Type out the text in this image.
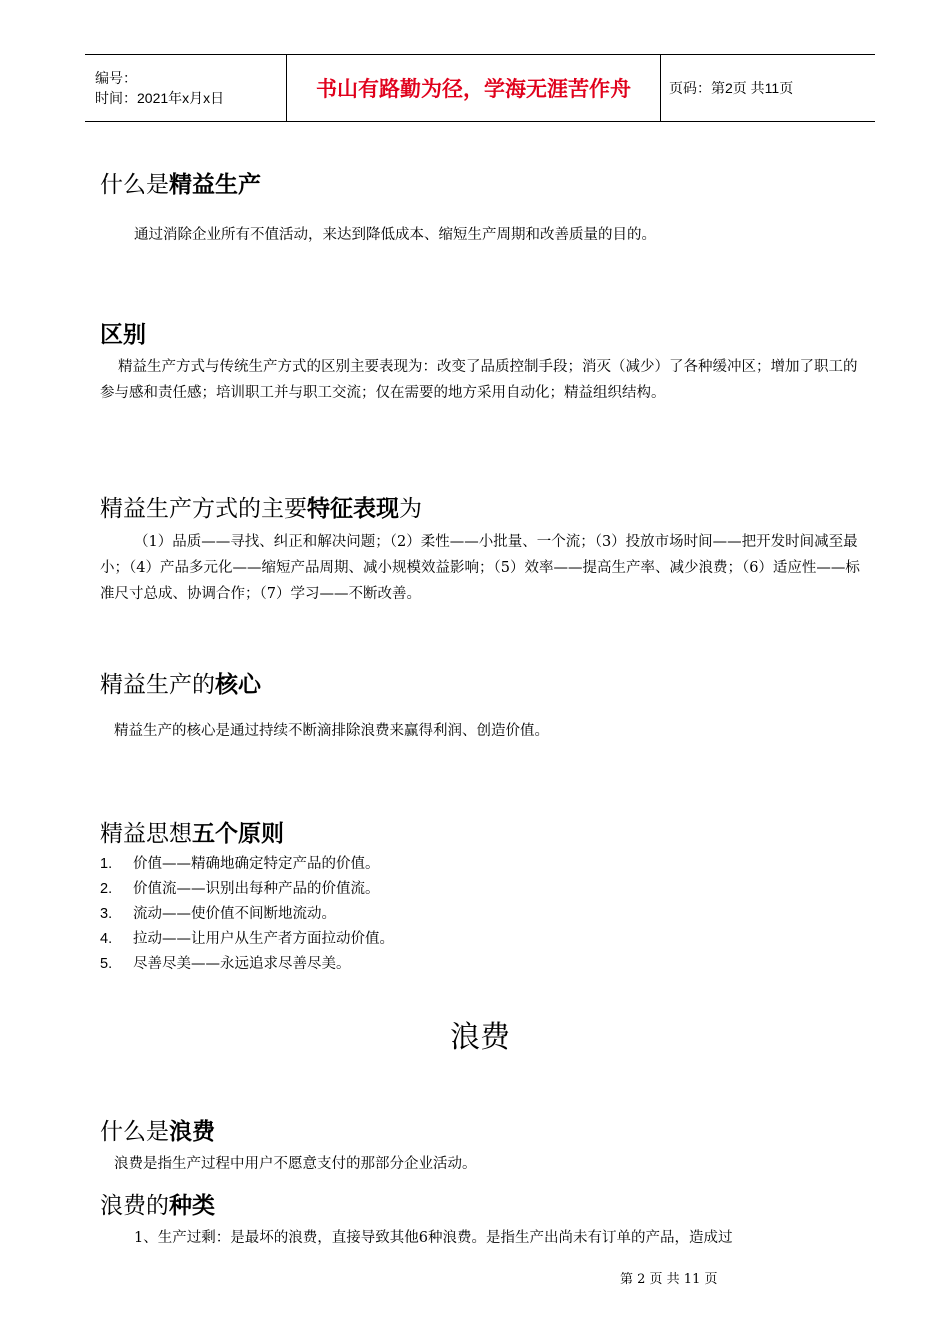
编号：
时间：2021年x月x日	书山有路勤为径，学海无涯苦作舟	页码：第2页 共11页
什么是精益生产
通过消除企业所有不值活动，来达到降低成本、缩短生产周期和改善质量的目的。
区别
精益生产方式与传统生产方式的区别主要表现为：改变了品质控制手段；消灭（减少）了各种缓冲区；增加了职工的参与感和责任感；培训职工并与职工交流；仅在需要的地方采用自动化；精益组织结构。
精益生产方式的主要特征表现为
（1）品质——寻找、纠正和解决问题；（2）柔性——小批量、一个流；（3）投放市场时间——把开发时间减至最小；（4）产品多元化——缩短产品周期、减小规模效益影响；（5）效率——提高生产率、减少浪费；（6）适应性——标准尺寸总成、协调合作；（7）学习——不断改善。
精益生产的核心
精益生产的核心是通过持续不断滴排除浪费来赢得利润、创造价值。
精益思想五个原则
1.	价值——精确地确定特定产品的价值。
2.	价值流——识别出每种产品的价值流。
3.	流动——使价值不间断地流动。
4.	拉动——让用户从生产者方面拉动价值。
5.	尽善尽美——永远追求尽善尽美。
浪费
什么是浪费
浪费是指生产过程中用户不愿意支付的那部分企业活动。
浪费的种类
1、生产过剩：是最坏的浪费，直接导致其他6种浪费。是指生产出尚未有订单的产品，造成过
第 2 页 共 11 页
